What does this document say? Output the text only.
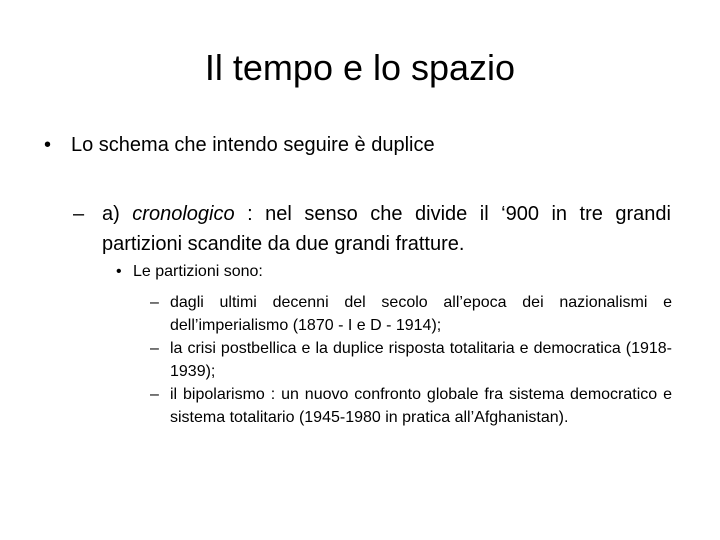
Il tempo e lo spazio
• Lo schema che intendo seguire è duplice
– a) cronologico : nel senso che divide il ‘900 in tre grandi partizioni scandite da due grandi fratture.
• Le partizioni sono:
– dagli ultimi decenni del secolo all’epoca dei nazionalismi e dell’imperialismo (1870 - I e D - 1914);
– la crisi postbellica e la duplice risposta totalitaria e democratica (1918-1939);
– il bipolarismo : un nuovo confronto globale fra sistema democratico e sistema totalitario (1945-1980 in pratica all’Afghanistan).
